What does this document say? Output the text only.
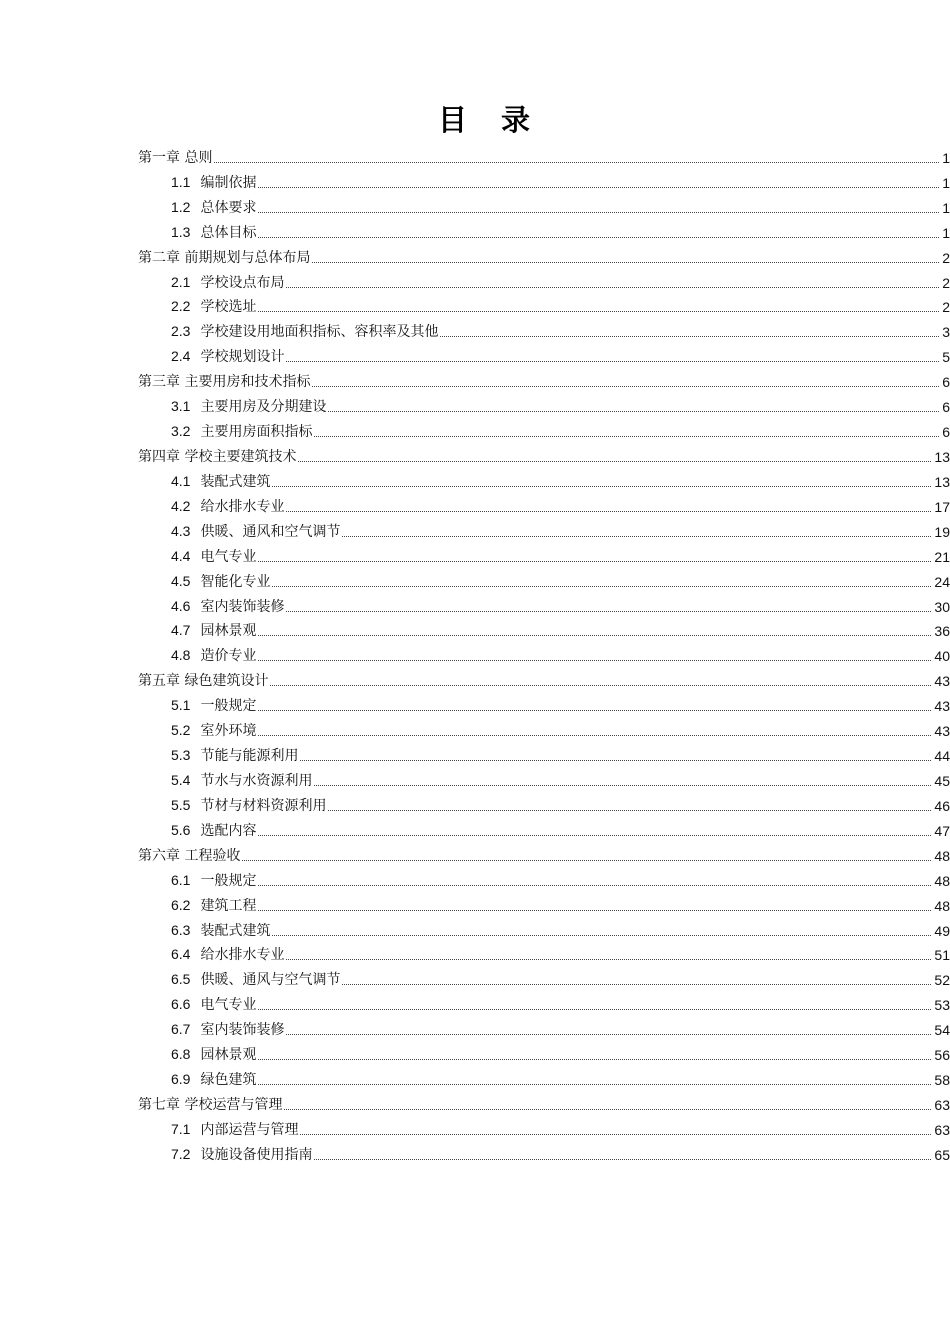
目 录
第一章 总则	1
1.1 编制依据	1
1.2 总体要求	1
1.3 总体目标	1
第二章 前期规划与总体布局	2
2.1 学校设点布局	2
2.2 学校选址	2
2.3 学校建设用地面积指标、容积率及其他	3
2.4 学校规划设计	5
第三章 主要用房和技术指标	6
3.1 主要用房及分期建设	6
3.2 主要用房面积指标	6
第四章 学校主要建筑技术	13
4.1 装配式建筑	13
4.2 给水排水专业	17
4.3 供暖、通风和空气调节	19
4.4 电气专业	21
4.5 智能化专业	24
4.6 室内装饰装修	30
4.7 园林景观	36
4.8 造价专业	40
第五章 绿色建筑设计	43
5.1 一般规定	43
5.2 室外环境	43
5.3 节能与能源利用	44
5.4 节水与水资源利用	45
5.5 节材与材料资源利用	46
5.6 选配内容	47
第六章 工程验收	48
6.1 一般规定	48
6.2 建筑工程	48
6.3 装配式建筑	49
6.4 给水排水专业	51
6.5 供暖、通风与空气调节	52
6.6 电气专业	53
6.7 室内装饰装修	54
6.8 园林景观	56
6.9 绿色建筑	58
第七章 学校运营与管理	63
7.1 内部运营与管理	63
7.2 设施设备使用指南	65
